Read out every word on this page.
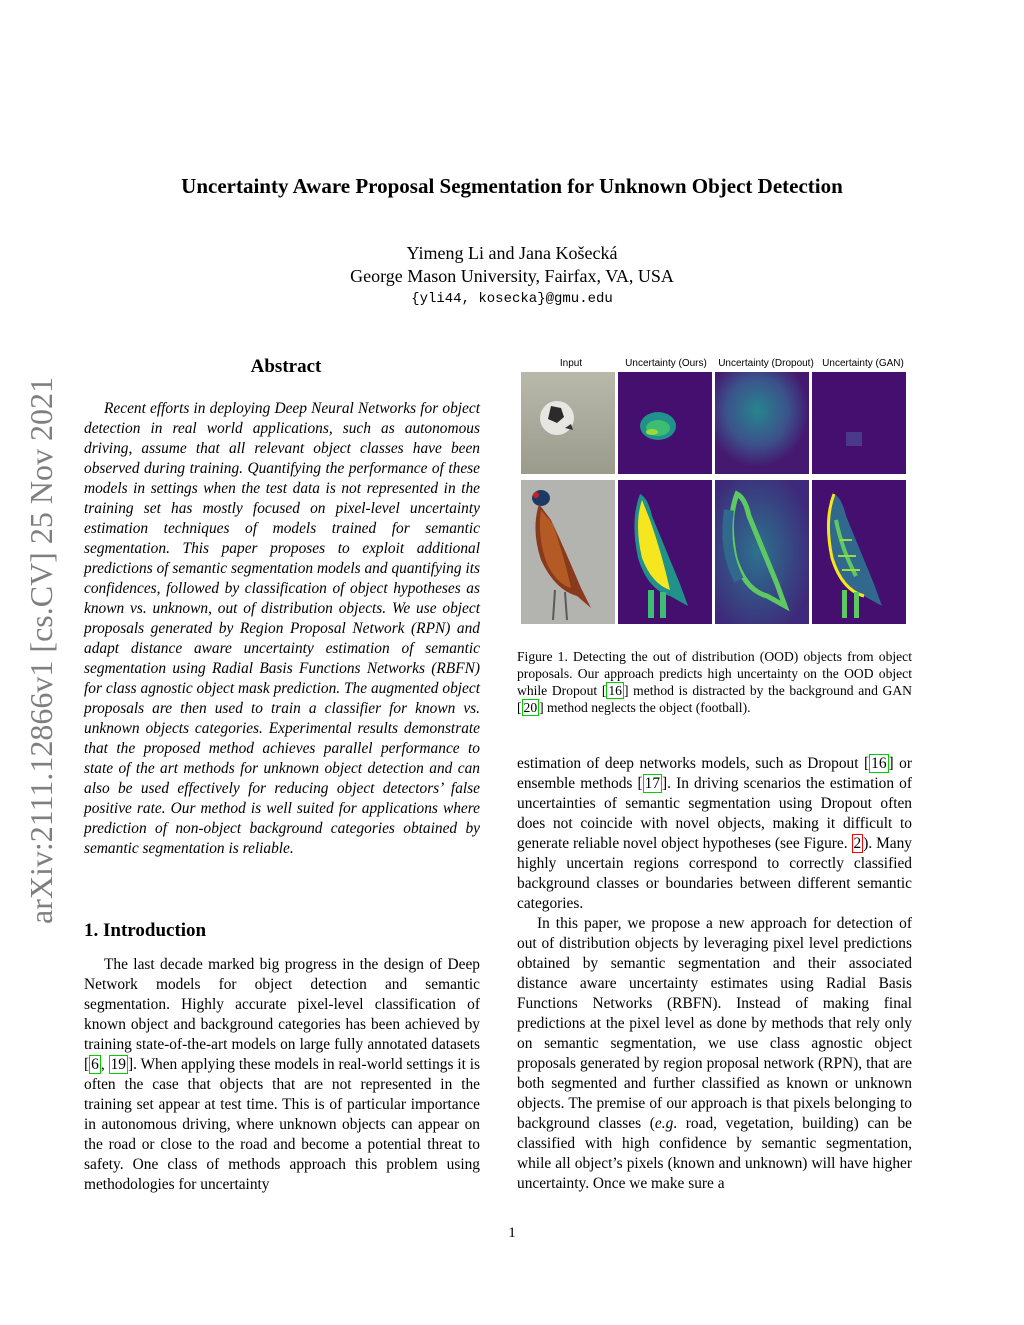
Uncertainty Aware Proposal Segmentation for Unknown Object Detection
Yimeng Li and Jana Košecká
George Mason University, Fairfax, VA, USA
{yli44, kosecka}@gmu.edu
arXiv:2111.12866v1 [cs.CV] 25 Nov 2021
Abstract
Recent efforts in deploying Deep Neural Networks for object detection in real world applications, such as autonomous driving, assume that all relevant object classes have been observed during training. Quantifying the performance of these models in settings when the test data is not represented in the training set has mostly focused on pixel-level uncertainty estimation techniques of models trained for semantic segmentation. This paper proposes to exploit additional predictions of semantic segmentation models and quantifying its confidences, followed by classification of object hypotheses as known vs. unknown, out of distribution objects. We use object proposals generated by Region Proposal Network (RPN) and adapt distance aware uncertainty estimation of semantic segmentation using Radial Basis Functions Networks (RBFN) for class agnostic object mask prediction. The augmented object proposals are then used to train a classifier for known vs. unknown objects categories. Experimental results demonstrate that the proposed method achieves parallel performance to state of the art methods for unknown object detection and can also be used effectively for reducing object detectors’ false positive rate. Our method is well suited for applications where prediction of non-object background categories obtained by semantic segmentation is reliable.
1. Introduction
The last decade marked big progress in the design of Deep Network models for object detection and semantic segmentation. Highly accurate pixel-level classification of known object and background categories has been achieved by training state-of-the-art models on large fully annotated datasets [ 6 , 19 ]. When applying these models in real-world settings it is often the case that objects that are not represented in the training set appear at test time. This is of particular importance in autonomous driving, where unknown objects can appear on the road or close to the road and become a potential threat to safety. One class of methods approach this problem using methodologies for uncertainty
Input	Uncertainty (Ours)	Uncertainty (Dropout) Uncertainty (GAN)
Figure 1. Detecting the out of distribution (OOD) objects from object proposals. Our approach predicts high uncertainty on the OOD object while Dropout [ 16 ] method is distracted by the background and GAN [ 20 ] method neglects the object (football).

estimation of deep networks models, such as Dropout [ 16 ] or ensemble methods [ 17 ]. In driving scenarios the estimation of uncertainties of semantic segmentation using Dropout often does not coincide with novel objects, making it difficult to generate reliable novel object hypotheses (see Figure. 2 ). Many highly uncertain regions correspond to correctly classified background classes or boundaries between different semantic categories.

In this paper, we propose a new approach for detection of out of distribution objects by leveraging pixel level predictions obtained by semantic segmentation and their associated distance aware uncertainty estimates using Radial Basis Functions Networks (RBFN). Instead of making final predictions at the pixel level as done by methods that rely only on semantic segmentation, we use class agnostic object proposals generated by region proposal network (RPN), that are both segmented and further classified as known or unknown objects. The premise of our approach is that pixels belonging to background classes (e.g. road, vegetation, building) can be classified with high confidence by semantic segmentation, while all object’s pixels (known and unknown) will have higher uncertainty. Once we make sure a

1
